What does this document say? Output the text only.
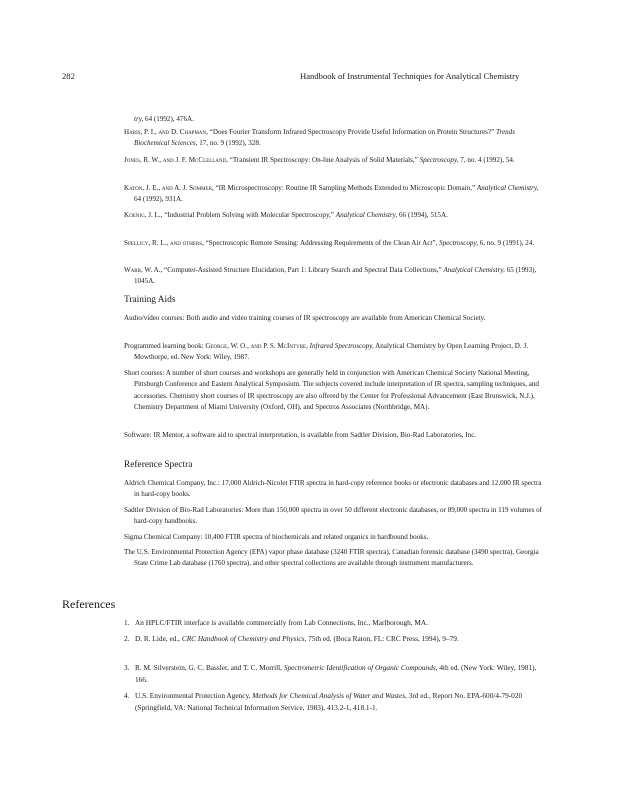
282	Handbook of Instrumental Techniques for Analytical Chemistry
try, 64 (1992), 476A.
Haris, P. I., and D. Chapman, “Does Fourier Transform Infrared Spectroscopy Provide Useful Information on Protein Structures?” Trends Biochemical Sciences, 17, no. 9 (1992), 328.
Jones, R. W., and J. F. McClelland, “Transient IR Spectroscopy: On-line Analysis of Solid Materials,” Spectroscopy, 7, no. 4 (1992), 54.
Katon, J. E., and A. J. Sommer, “IR Microspectroscopy: Routine IR Sampling Methods Extended to Microscopic Domain,” Analytical Chemistry, 64 (1992), 931A.
Koenig, J. L., “Industrial Problem Solving with Molecular Spectroscopy,” Analytical Chemistry, 66 (1994), 515A.
Spellicy, R. L., and others, “Spectroscopic Remote Sensing: Addressing Requirements of the Clean Air Act”, Spectroscopy, 6, no. 9 (1991), 24.
Warr, W. A., “Computer-Assisted Structure Elucidation, Part 1: Library Search and Spectral Data Collections,” Analytical Chemistry, 65 (1993), 1045A.
Training Aids
Audio/video courses: Both audio and video training courses of IR spectroscopy are available from American Chemical Society.
Programmed learning book: George, W. O., and P. S. McIntyre, Infrared Spectroscopy, Analytical Chemistry by Open Learning Project, D. J. Mowthorpe, ed. New York: Wiley, 1987.
Short courses: A number of short courses and workshops are generally held in conjunction with American Chemical Society National Meeting, Pittsburgh Conference and Eastern Analytical Symposium. The subjects covered include interpretation of IR spectra, sampling techniques, and accessories. Chemistry short courses of IR spectroscopy are also offered by the Center for Professional Advancement (East Brunswick, N.J.), Chemistry Department of Miami University (Oxford, OH), and Spectros Associates (Northbridge, MA).
Software: IR Mentor, a software aid to spectral interpretation, is available from Sadtler Division, Bio-Rad Laboratories, Inc.
Reference Spectra
Aldrich Chemical Company, Inc.: 17,000 Aldrich-Nicolet FTIR spectra in hard-copy reference books or electronic databases and 12,000 IR spectra in hard-copy books.
Sadtler Division of Bio-Rad Laboratories: More than 150,000 spectra in over 50 different electronic databases, or 89,000 spectra in 119 volumes of hard-copy handbooks.
Sigma Chemical Company: 10,400 FTIR spectra of biochemicals and related organics in hardbound books.
The U.S. Environmental Protection Agency (EPA) vapor phase database (3240 FTIR spectra), Canadian forensic database (3490 spectra), Georgia State Crime Lab database (1760 spectra), and other spectral collections are available through instrument manufacturers.
References
1. An HPLC/FTIR interface is available commercially from Lab Connections, Inc., Marlborough, MA.
2. D. R. Lide, ed., CRC Handbook of Chemistry and Physics, 75th ed. (Boca Raton, FL: CRC Press, 1994), 9–79.
3. R. M. Silverstein, G. C. Bassler, and T. C. Morrill, Spectrometric Identification of Organic Compounds, 4th ed. (New York: Wiley, 1981), 166.
4. U.S. Environmental Protection Agency, Methods for Chemical Analysis of Water and Wastes, 3rd ed., Report No. EPA-600/4-79-020 (Springfield, VA: National Technical Information Service, 1983), 413.2-1, 418.1-1.
